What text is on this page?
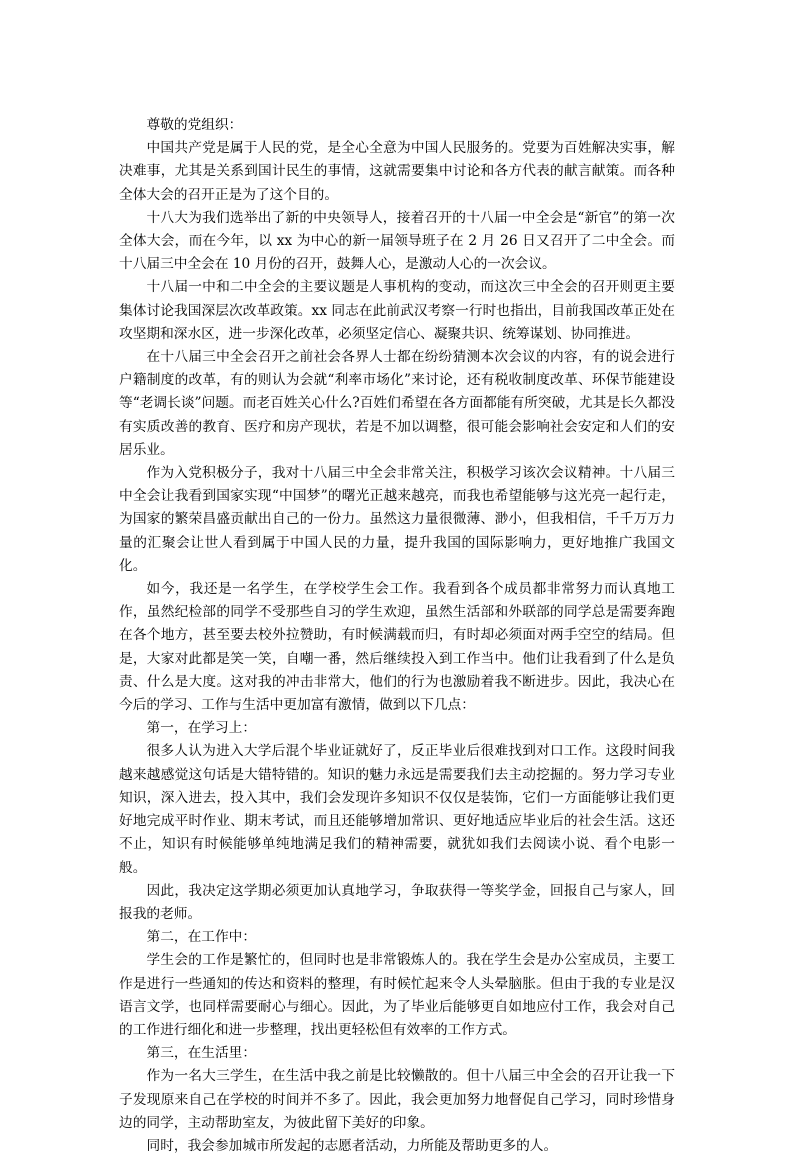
尊敬的党组织：

中国共产党是属于人民的党，是全心全意为中国人民服务的。党要为百姓解决实事，解决难事，尤其是关系到国计民生的事情，这就需要集中讨论和各方代表的献言献策。而各种全体大会的召开正是为了这个目的。

十八大为我们选举出了新的中央领导人，接着召开的十八届一中全会是“新官”的第一次全体大会，而在今年，以 xx 为中心的新一届领导班子在 2 月 26 日又召开了二中全会。而十八届三中全会在 10 月份的召开，鼓舞人心，是激动人心的一次会议。

十八届一中和二中全会的主要议题是人事机构的变动，而这次三中全会的召开则更主要集体讨论我国深层次改革政策。xx 同志在此前武汉考察一行时也指出，目前我国改革正处在攻坚期和深水区，进一步深化改革，必须坚定信心、凝聚共识、统筹谋划、协同推进。

在十八届三中全会召开之前社会各界人士都在纷纷猜测本次会议的内容，有的说会进行户籍制度的改革，有的则认为会就“利率市场化”来讨论，还有税收制度改革、环保节能建设等“老调长谈”问题。而老百姓关心什么?百姓们希望在各方面都能有所突破，尤其是长久都没有实质改善的教育、医疗和房产现状，若是不加以调整，很可能会影响社会安定和人们的安居乐业。

作为入党积极分子，我对十八届三中全会非常关注，积极学习该次会议精神。十八届三中全会让我看到国家实现“中国梦”的曙光正越来越亮，而我也希望能够与这光亮一起行走，为国家的繁荣昌盛贡献出自己的一份力。虽然这力量很微薄、渺小，但我相信，千千万万力量的汇聚会让世人看到属于中国人民的力量，提升我国的国际影响力，更好地推广我国文化。

如今，我还是一名学生，在学校学生会工作。我看到各个成员都非常努力而认真地工作，虽然纪检部的同学不受那些自习的学生欢迎，虽然生活部和外联部的同学总是需要奔跑在各个地方，甚至要去校外拉赞助，有时候满载而归，有时却必须面对两手空空的结局。但是，大家对此都是笑一笑，自嘲一番，然后继续投入到工作当中。他们让我看到了什么是负责、什么是大度。这对我的冲击非常大，他们的行为也激励着我不断进步。因此，我决心在今后的学习、工作与生活中更加富有激情，做到以下几点：

第一，在学习上：

很多人认为进入大学后混个毕业证就好了，反正毕业后很难找到对口工作。这段时间我越来越感觉这句话是大错特错的。知识的魅力永远是需要我们去主动挖掘的。努力学习专业知识，深入进去，投入其中，我们会发现许多知识不仅仅是装饰，它们一方面能够让我们更好地完成平时作业、期末考试，而且还能够增加常识、更好地适应毕业后的社会生活。这还不止，知识有时候能够单纯地满足我们的精神需要，就犹如我们去阅读小说、看个电影一般。

因此，我决定这学期必须更加认真地学习，争取获得一等奖学金，回报自己与家人，回报我的老师。

第二，在工作中：

学生会的工作是繁忙的，但同时也是非常锻炼人的。我在学生会是办公室成员，主要工作是进行一些通知的传达和资料的整理，有时候忙起来令人头晕脑胀。但由于我的专业是汉语言文学，也同样需要耐心与细心。因此，为了毕业后能够更自如地应付工作，我会对自己的工作进行细化和进一步整理，找出更轻松但有效率的工作方式。

第三，在生活里：

作为一名大三学生，在生活中我之前是比较懒散的。但十八届三中全会的召开让我一下子发现原来自己在学校的时间并不多了。因此，我会更加努力地督促自己学习，同时珍惜身边的同学，主动帮助室友，为彼此留下美好的印象。

同时，我会参加城市所发起的志愿者活动，力所能及帮助更多的人。
